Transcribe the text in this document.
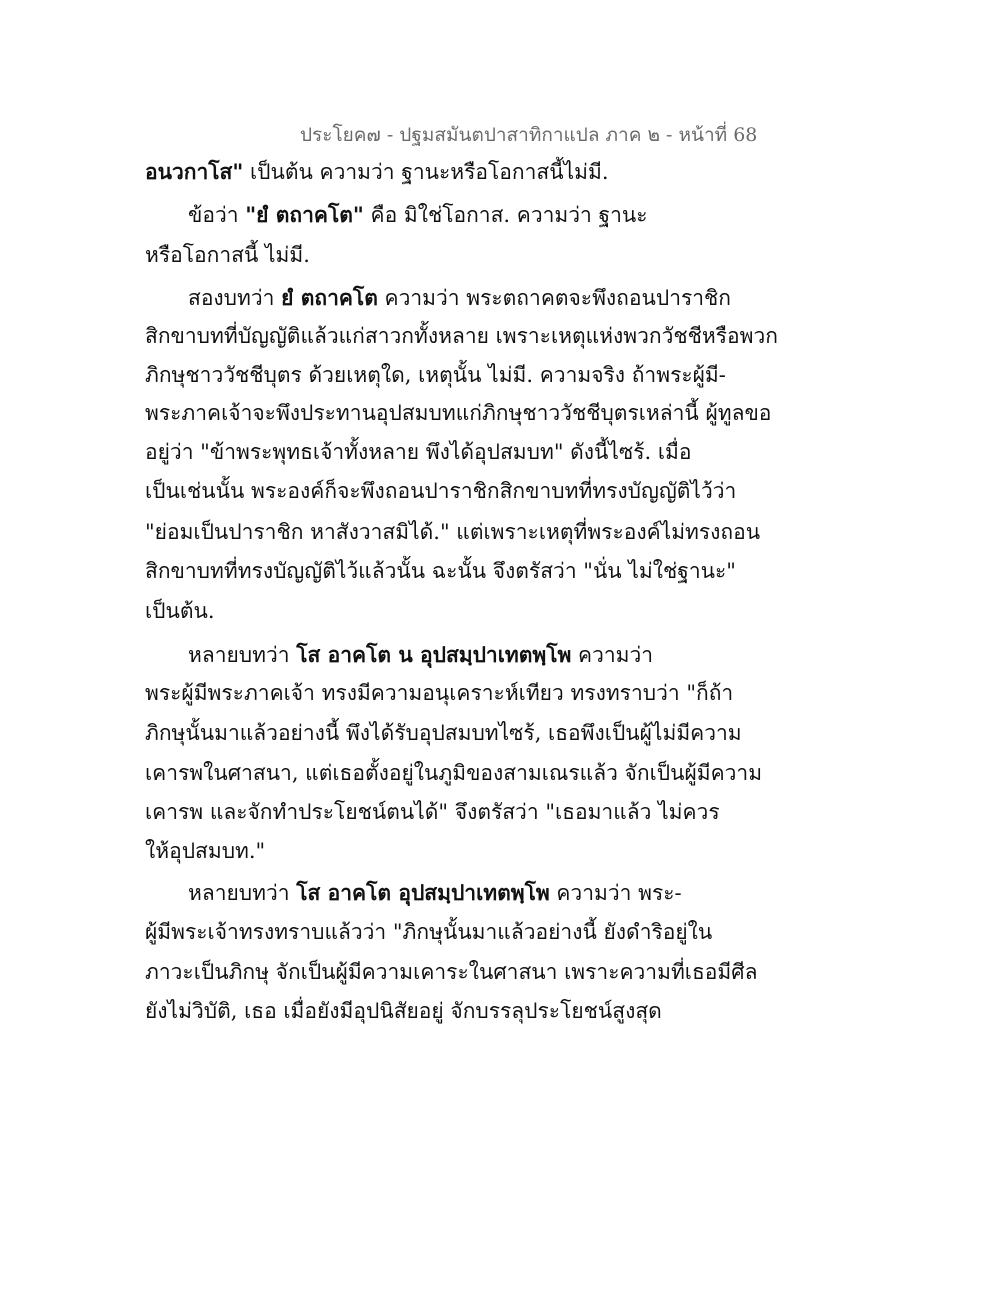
ประโยค๗ - ปฐมสมันตปาสาทิกาแปล ภาค ๒ - หน้าที่ 68
อนวกาโส" เป็นต้น ความว่า ฐานะหรือโอกาสนี้ไม่มี.
ข้อว่า "ยํ ตถาคโต" คือ มิใช่โอกาส. ความว่า ฐานะ
หรือโอกาสนี้ ไม่มี.
สองบทว่า ยํ ตถาคโต ความว่า พระตถาคตจะพึงถอนปาราชิก
สิกขาบทที่บัญญัติแล้วแก่สาวกทั้งหลาย เพราะเหตุแห่งพวกวัชชีหรือพวก
ภิกษุชาววัชชีบุตร ด้วยเหตุใด, เหตุนั้น ไม่มี. ความจริง ถ้าพระผู้มี-
พระภาคเจ้าจะพึงประทานอุปสมบทแก่ภิกษุชาววัชชีบุตรเหล่านี้ ผู้ทูลขอ
อยู่ว่า "ข้าพระพุทธเจ้าทั้งหลาย พึงได้อุปสมบท" ดังนี้ไซร้. เมื่อ
เป็นเช่นนั้น พระองค์ก็จะพึงถอนปาราชิกสิกขาบทที่ทรงบัญญัติไว้ว่า
"ย่อมเป็นปาราชิก หาสังวาสมิได้." แต่เพราะเหตุที่พระองค์ไม่ทรงถอน
สิกขาบทที่ทรงบัญญัติไว้แล้วนั้น ฉะนั้น จึงตรัสว่า "นั่น ไม่ใช่ฐานะ"
เป็นต้น.
หลายบทว่า โส อาคโต น อุปสมฺปาเทตพฺโพ ความว่า
พระผู้มีพระภาคเจ้า ทรงมีความอนุเคราะห์เทียว ทรงทราบว่า "ก็ถ้า
ภิกษุนั้นมาแล้วอย่างนี้ พึงได้รับอุปสมบทไซร้, เธอพึงเป็นผู้ไม่มีความ
เคารพในศาสนา, แต่เธอตั้งอยู่ในภูมิของสามเณรแล้ว จักเป็นผู้มีความ
เคารพ และจักทำประโยชน์ตนได้" จึงตรัสว่า "เธอมาแล้ว ไม่ควร
ให้อุปสมบท."
หลายบทว่า โส อาคโต อุปสมฺปาเทตพฺโพ ความว่า พระ-
ผู้มีพระเจ้าทรงทราบแล้วว่า "ภิกษุนั้นมาแล้วอย่างนี้ ยังดำริอยู่ใน
ภาวะเป็นภิกษุ จักเป็นผู้มีความเคาระในศาสนา เพราะความที่เธอมีศีล
ยังไม่วิบัติ, เธอ เมื่อยังมีอุปนิสัยอยู่ จักบรรลุประโยชน์สูงสุด
